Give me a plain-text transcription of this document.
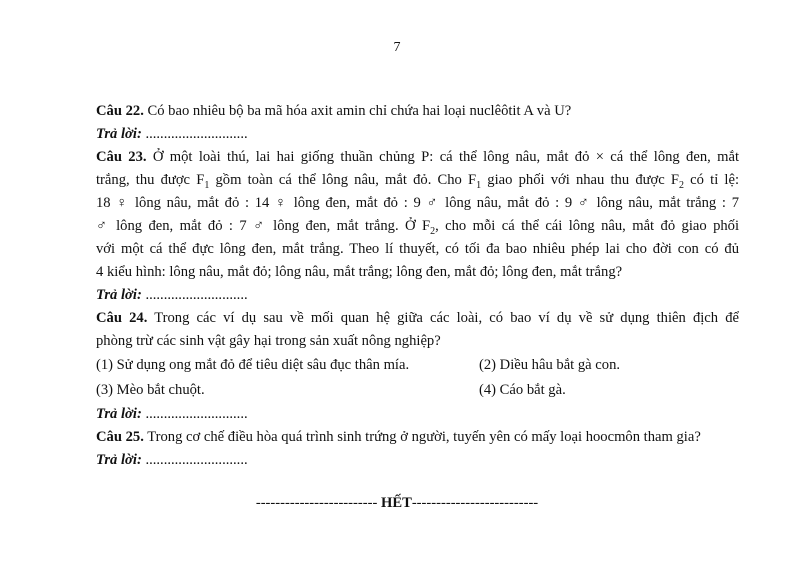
7

Câu 22. Có bao nhiêu bộ ba mã hóa axit amin chỉ chứa hai loại nuclêôtit A và U?

Trả lời: ............................

Câu 23. Ở một loài thú, lai hai giống thuần chủng P: cá thể lông nâu, mắt đỏ × cá thể lông đen, mắt

trắng, thu được $F_1$ gồm toàn cá thể lông nâu, mắt đỏ. Cho $F_1$ giao phối với nhau thu được $F_2$ có tỉ lệ:

18 ♀ lông nâu, mắt đỏ : 14 ♀ lông đen, mắt đỏ : 9 ♂ lông nâu, mắt đỏ : 9 ♂ lông nâu, mắt trắng : 7

♂ lông đen, mắt đỏ : 7 ♂ lông đen, mắt trắng. Ở $F_2$, cho mỗi cá thể cái lông nâu, mắt đỏ giao phối

với một cá thể đực lông đen, mắt trắng. Theo lí thuyết, có tối đa bao nhiêu phép lai cho đời con có đủ

4 kiểu hình: lông nâu, mắt đỏ; lông nâu, mắt trắng; lông đen, mắt đỏ; lông đen, mắt trắng?

Trả lời: ............................

Câu 24. Trong các ví dụ sau về mối quan hệ giữa các loài, có bao ví dụ về sử dụng thiên địch để

phòng trừ các sinh vật gây hại trong sản xuất nông nghiệp?

(1) Sử dụng ong mắt đỏ để tiêu diệt sâu đục thân mía.	(2) Diều hâu bắt gà con.
(3) Mèo bắt chuột.	(4) Cáo bắt gà.

Trả lời: ............................

Câu 25. Trong cơ chế điều hòa quá trình sinh trứng ở người, tuyến yên có mấy loại hoocmôn tham gia?

Trả lời: ............................

------------------------- HẾT--------------------------
